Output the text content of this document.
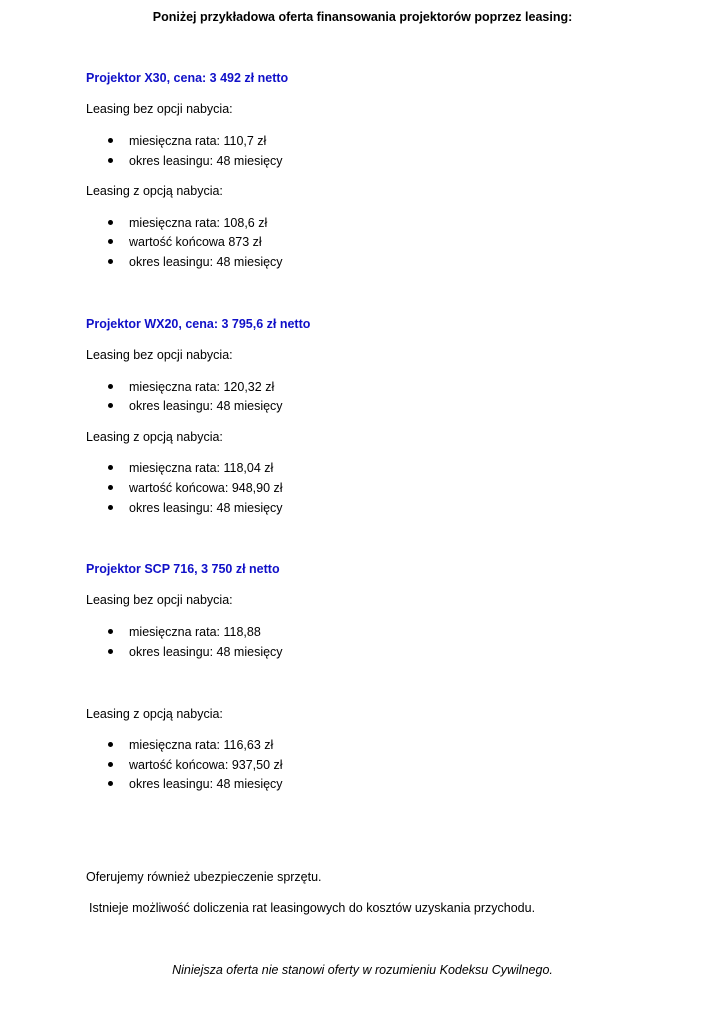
Poniżej przykładowa oferta finansowania projektorów poprzez leasing:
Projektor X30, cena: 3 492 zł netto
Leasing bez opcji nabycia:
miesięczna rata: 110,7 zł
okres leasingu: 48 miesięcy
Leasing z opcją nabycia:
miesięczna rata: 108,6 zł
wartość końcowa 873 zł
okres leasingu: 48 miesięcy
Projektor WX20, cena: 3 795,6 zł netto
Leasing bez opcji nabycia:
miesięczna rata: 120,32 zł
okres leasingu: 48 miesięcy
Leasing z opcją nabycia:
miesięczna rata: 118,04 zł
wartość końcowa: 948,90 zł
okres leasingu: 48 miesięcy
Projektor SCP 716, 3 750 zł netto
Leasing bez opcji nabycia:
miesięczna rata: 118,88
okres leasingu: 48 miesięcy
Leasing z opcją nabycia:
miesięczna rata: 116,63 zł
wartość końcowa: 937,50 zł
okres leasingu: 48 miesięcy
Oferujemy również ubezpieczenie sprzętu.
Istnieje możliwość doliczenia rat leasingowych do kosztów uzyskania przychodu.
Niniejsza oferta nie stanowi oferty w rozumieniu Kodeksu Cywilnego.
